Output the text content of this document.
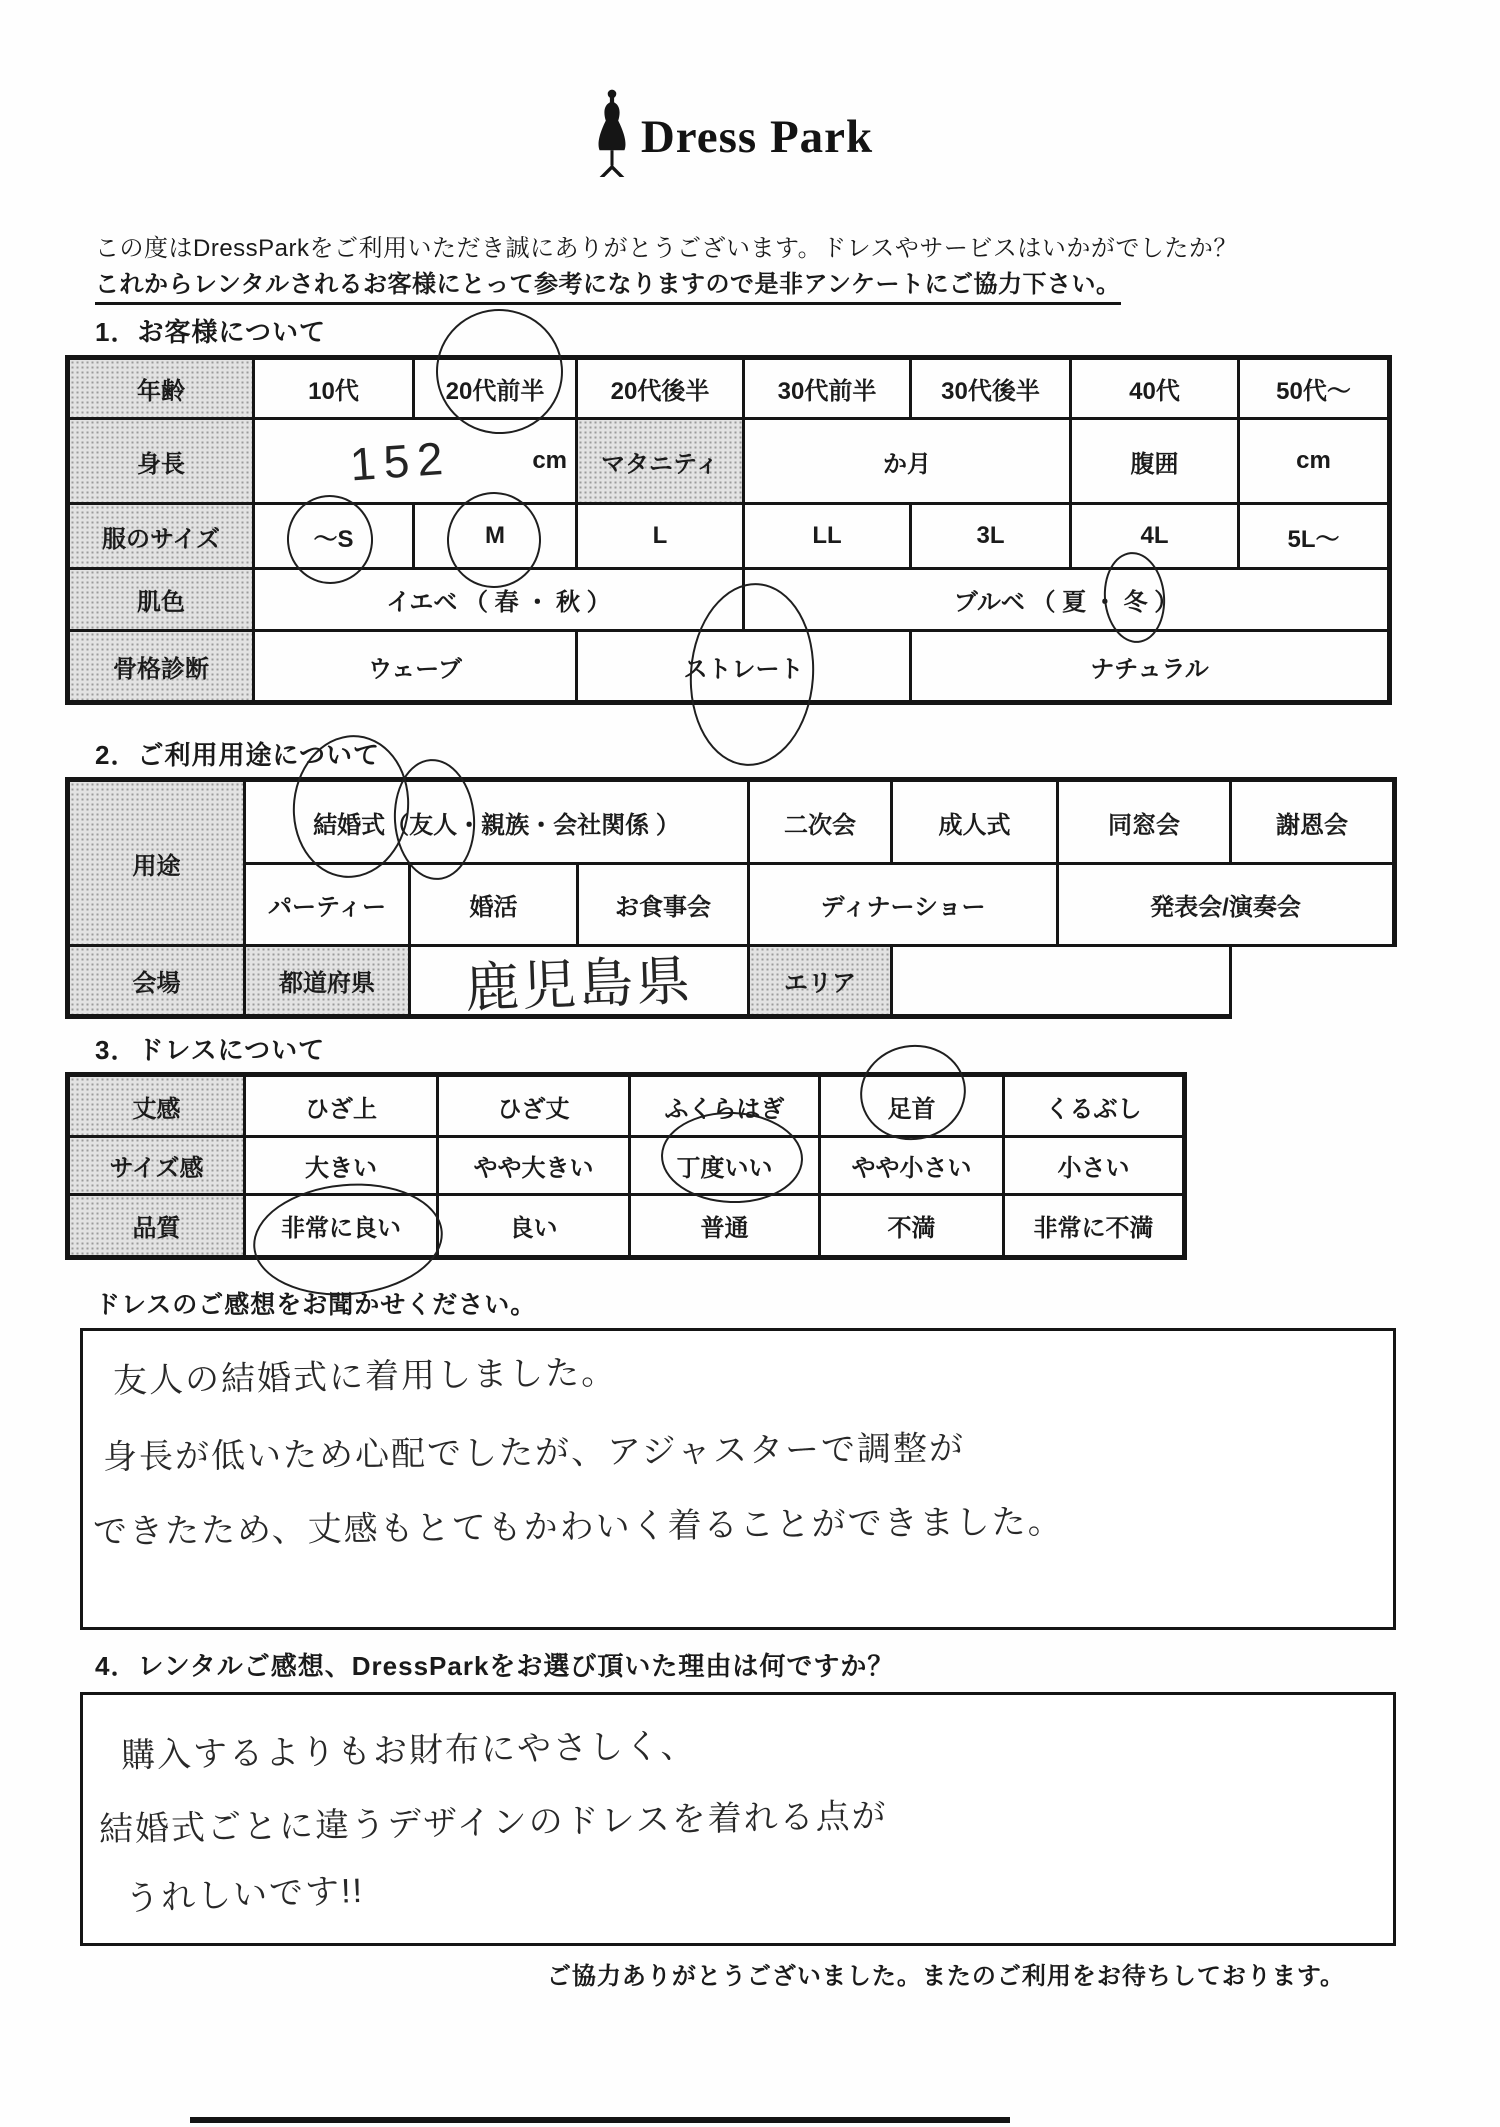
Dress Park
この度はDressParkをご利用いただき誠にありがとうございます。ドレスやサービスはいかがでしたか？
これからレンタルされるお客様にとって参考になりますので是非アンケートにご協力下さい。
1．お客様について
年齢	10代	20代前半	20代後半	30代前半	30代後半	40代	50代〜
身長	152	cm	マタニティ	か月	腹囲	cm
服のサイズ	〜S	M	L	LL	3L	4L	5L〜
肌色	イエベ （ 春 ・ 秋 ）	ブルベ （ 夏 ・
冬
）
骨格診断	ウェーブ	ストレート	ナチュラル
2．ご利用用途について
用途
結婚式 （ 友人 ・親族・会社関係 ）	二次会	成人式	同窓会	謝恩会
パーティー	婚活	お食事会	ディナーショー	発表会/演奏会
会場	都道府県	鹿児島県	エリア
3．ドレスについて
丈感	ひざ上	ひざ丈	ふくらはぎ	足首	くるぶし
サイズ感	大きい	やや大きい	丁度いい	やや小さい	小さい
品質	非常に良い	良い	普通	不満	非常に不満
ドレスのご感想をお聞かせください。
友人の結婚式に着用しました。
身長が低いため心配でしたが、アジャスターで調整が
できたため、丈感もとてもかわいく着ることができました。
4．レンタルご感想、DressParkをお選び頂いた理由は何ですか？
購入するよりもお財布にやさしく、
結婚式ごとに違うデザインのドレスを着れる点が
うれしいです!!
ご協力ありがとうございました。またのご利用をお待ちしております。
